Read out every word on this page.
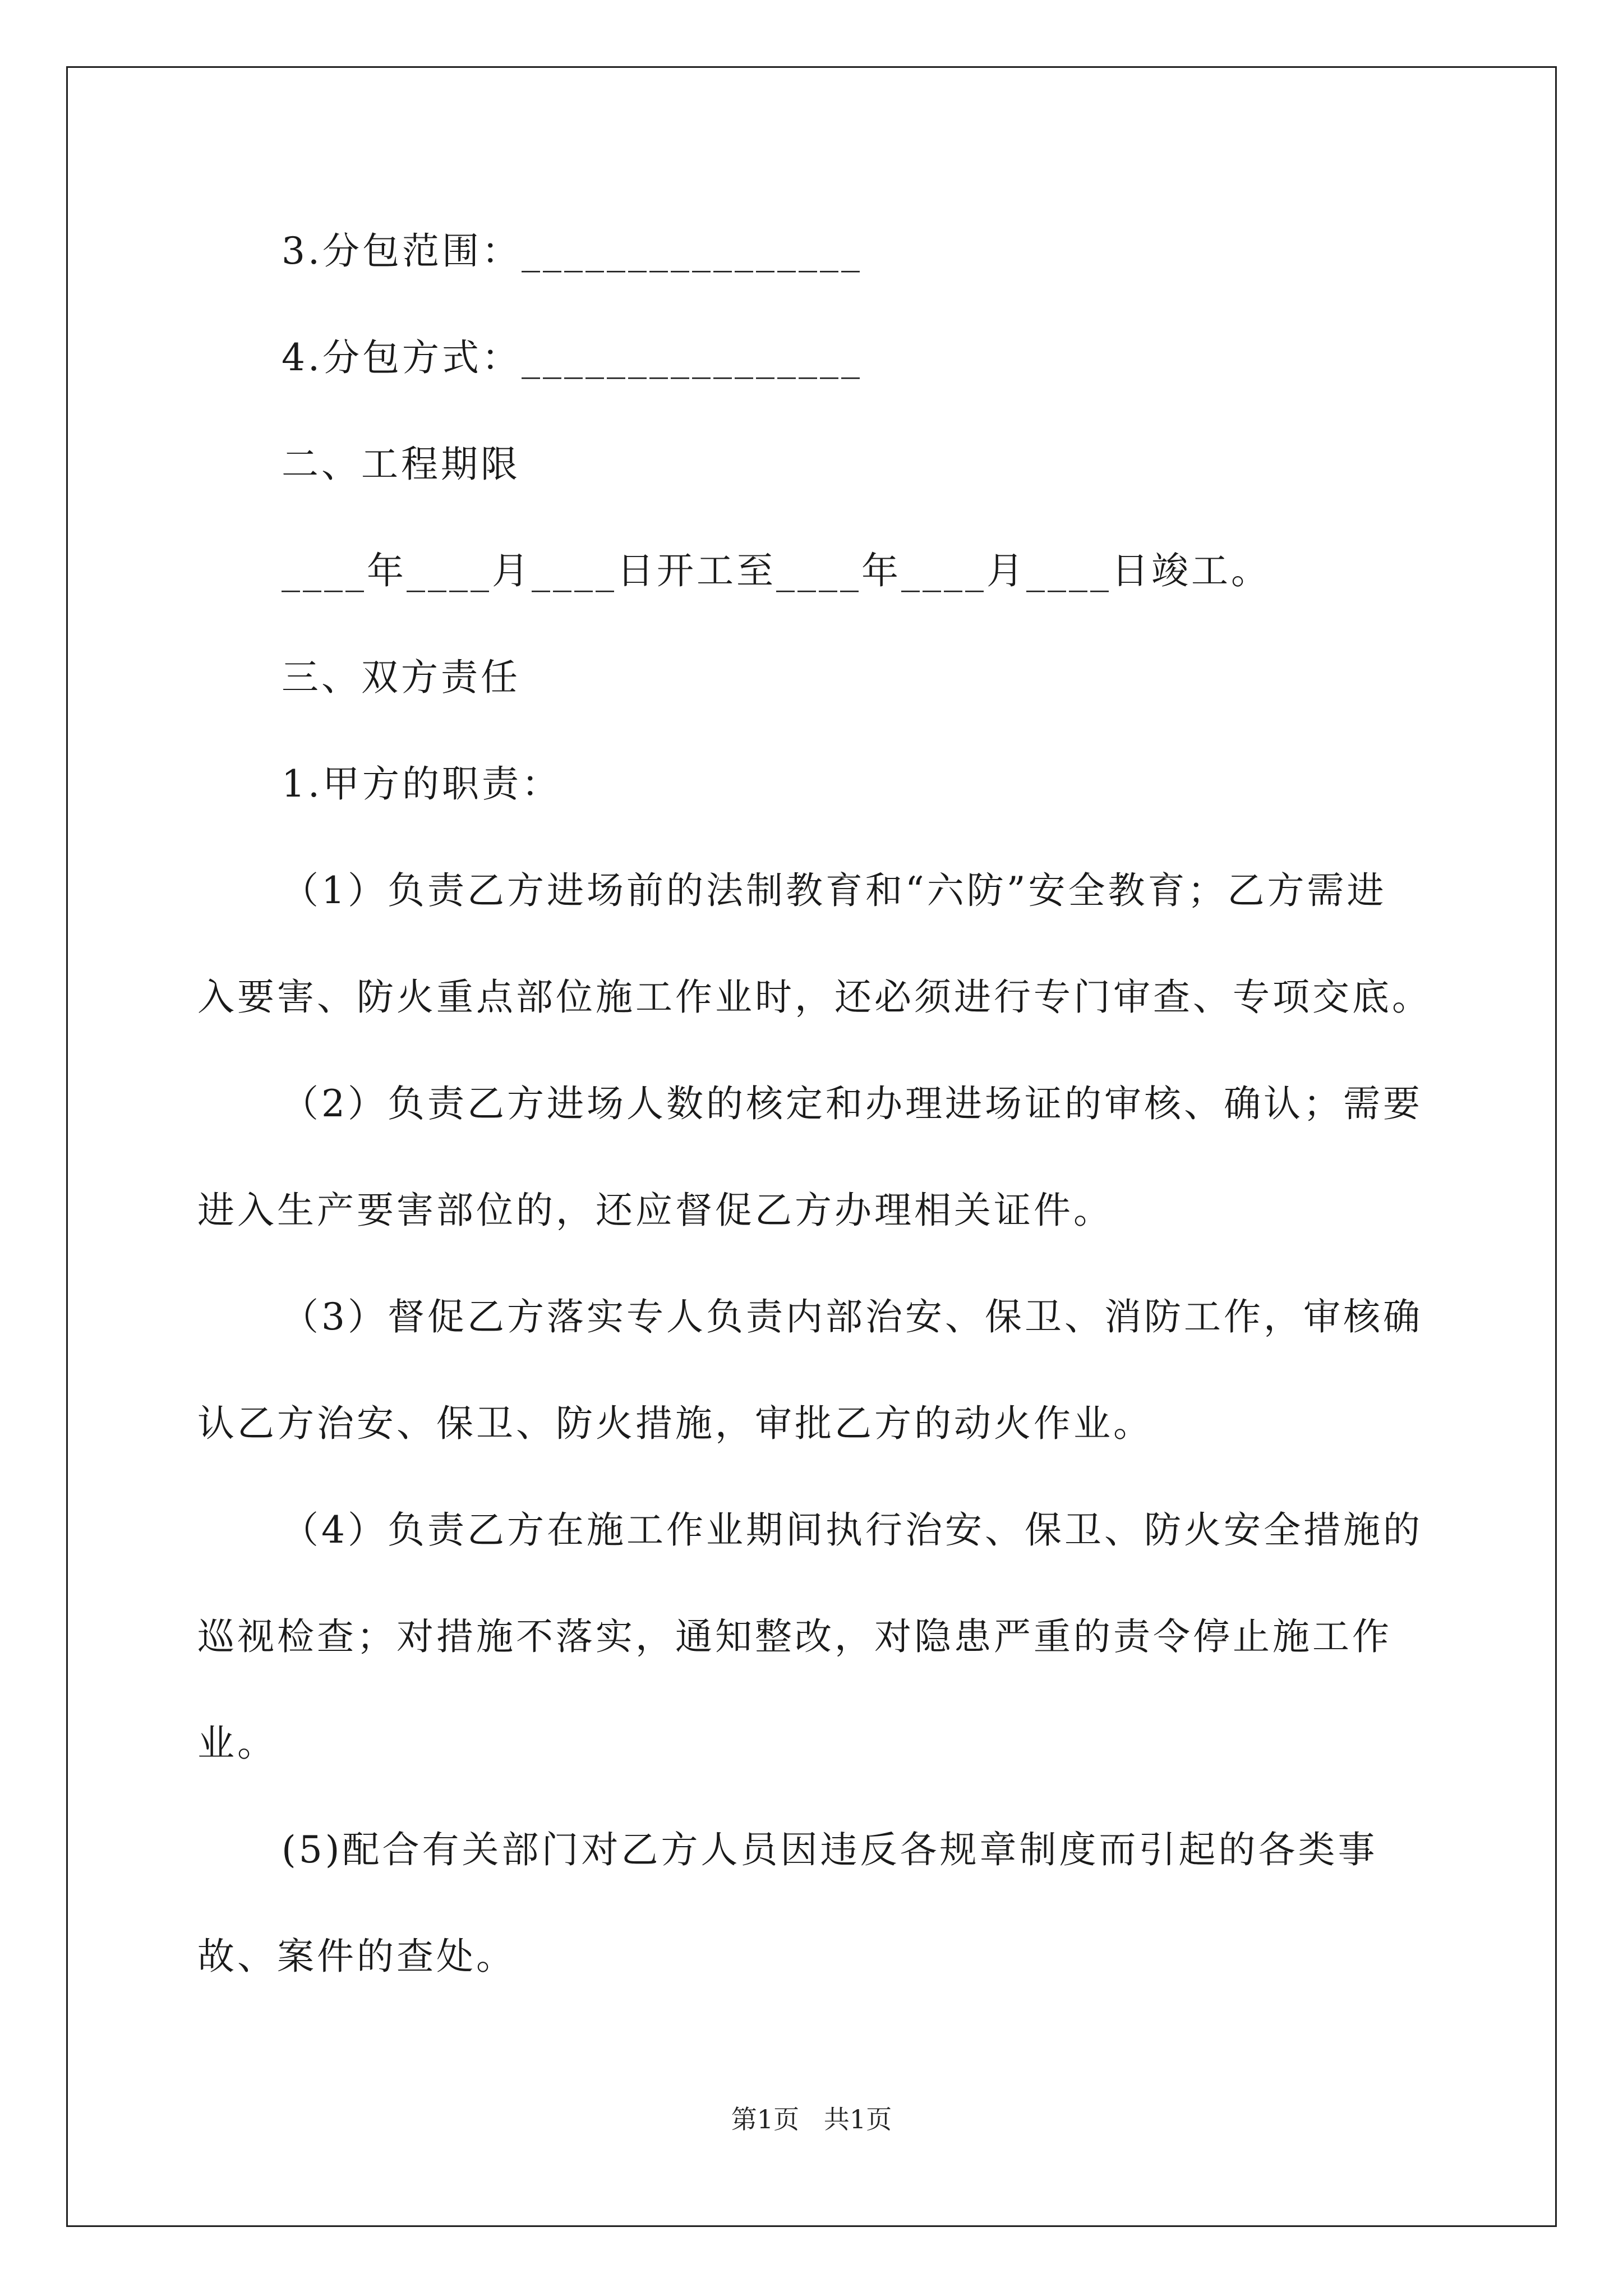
3.分包范围：________________
4.分包方式：________________
二、工程期限
____年____月____日开工至____年____月____日竣工。
三、双方责任
1.甲方的职责：
（1）负责乙方进场前的法制教育和“六防”安全教育；乙方需进
入要害、防火重点部位施工作业时，还必须进行专门审查、专项交底。
（2）负责乙方进场人数的核定和办理进场证的审核、确认；需要
进入生产要害部位的，还应督促乙方办理相关证件。
（3）督促乙方落实专人负责内部治安、保卫、消防工作，审核确
认乙方治安、保卫、防火措施，审批乙方的动火作业。
（4）负责乙方在施工作业期间执行治安、保卫、防火安全措施的
巡视检查；对措施不落实，通知整改，对隐患严重的责令停止施工作
业。
(5)配合有关部门对乙方人员因违反各规章制度而引起的各类事
故、案件的查处。
第1页   共1页
